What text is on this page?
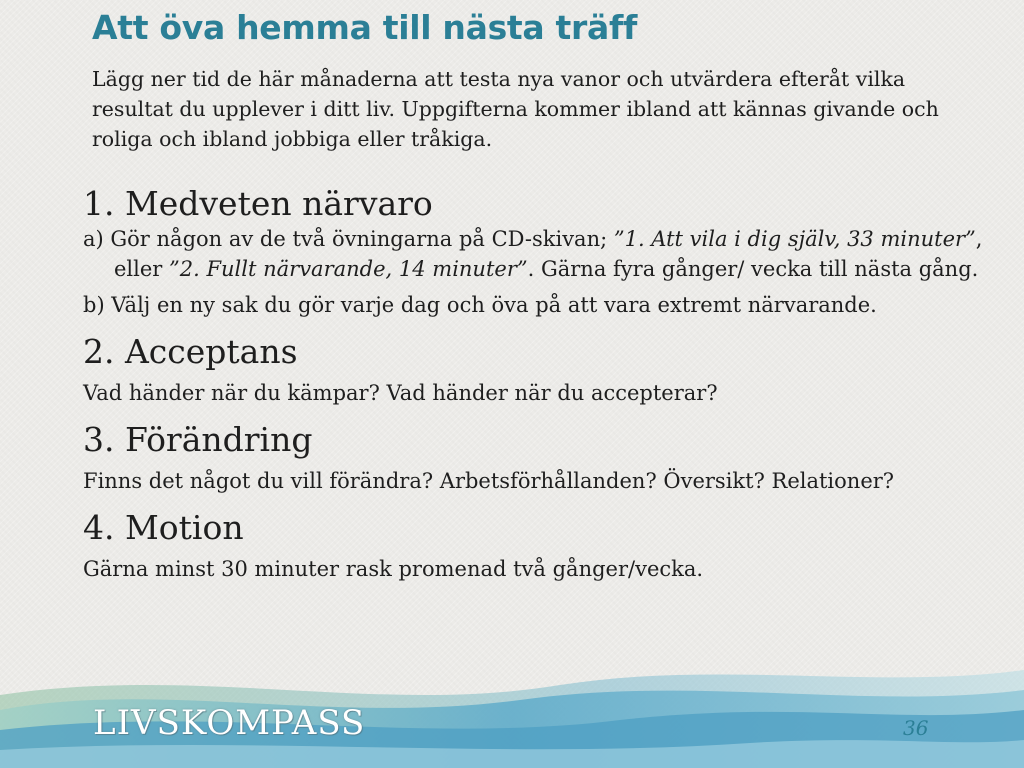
Att öva hemma till nästa träff
Lägg ner tid de här månaderna att testa nya vanor och utvärdera efteråt vilka resultat du upplever i ditt liv. Uppgifterna kommer ibland att kännas givande och roliga och ibland jobbiga eller tråkiga.
1. Medveten närvaro

a) Gör någon av de två övningarna på CD-skivan; ”1. Att vila i dig själv, 33 minuter”, eller ”2. Fullt närvarande, 14 minuter”. Gärna fyra gånger/ vecka till nästa gång.

b) Välj en ny sak du gör varje dag och öva på att vara extremt närvarande.

2. Acceptans

Vad händer när du kämpar? Vad händer när du accepterar?

3. Förändring

Finns det något du vill förändra? Arbetsförhållanden? Översikt? Relationer?

4. Motion

Gärna minst 30 minuter rask promenad två gånger/vecka.

LIVSKOMPASS	36
